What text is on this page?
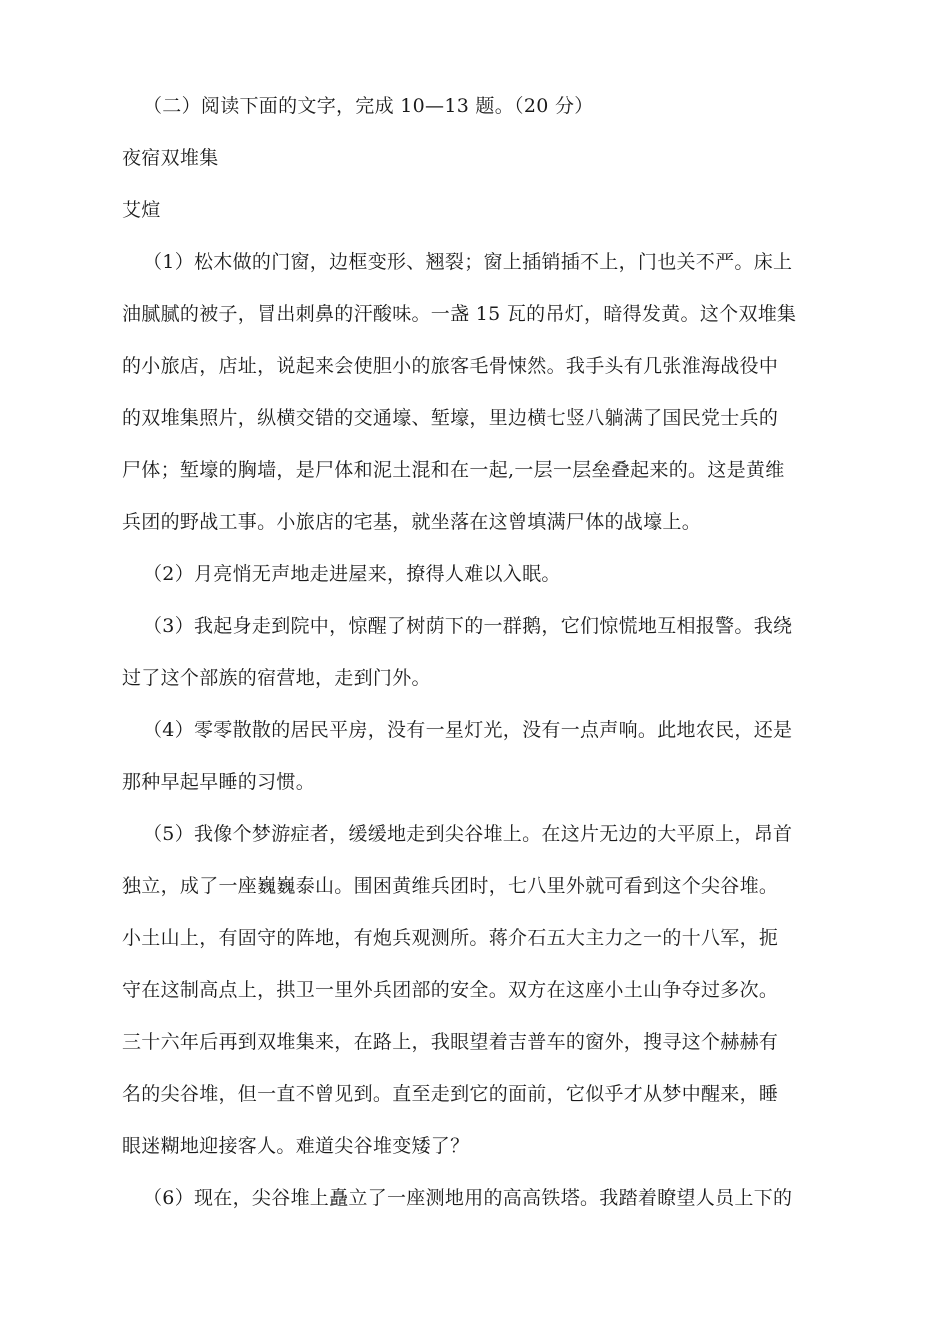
（二）阅读下面的文字，完成 10—13 题。（20 分）
夜宿双堆集
艾煊
（1）松木做的门窗，边框变形、翘裂；窗上插销插不上，门也关不严。床上
油腻腻的被子，冒出刺鼻的汗酸味。一盏 15 瓦的吊灯，暗得发黄。这个双堆集
的小旅店，店址，说起来会使胆小的旅客毛骨悚然。我手头有几张淮海战役中
的双堆集照片，纵横交错的交通壕、堑壕，里边横七竖八躺满了国民党士兵的
尸体；堑壕的胸墙，是尸体和泥土混和在一起,一层一层垒叠起来的。这是黄维
兵团的野战工事。小旅店的宅基，就坐落在这曾填满尸体的战壕上。
（2）月亮悄无声地走进屋来，撩得人难以入眠。
（3）我起身走到院中，惊醒了树荫下的一群鹅，它们惊慌地互相报警。我绕
过了这个部族的宿营地，走到门外。
（4）零零散散的居民平房，没有一星灯光，没有一点声响。此地农民，还是
那种早起早睡的习惯。
（5）我像个梦游症者，缓缓地走到尖谷堆上。在这片无边的大平原上，昂首
独立，成了一座巍巍泰山。围困黄维兵团时，七八里外就可看到这个尖谷堆。
小土山上，有固守的阵地，有炮兵观测所。蒋介石五大主力之一的十八军，扼
守在这制高点上，拱卫一里外兵团部的安全。双方在这座小土山争夺过多次。
三十六年后再到双堆集来，在路上，我眼望着吉普车的窗外，搜寻这个赫赫有
名的尖谷堆，但一直不曾见到。直至走到它的面前，它似乎才从梦中醒来，睡
眼迷糊地迎接客人。难道尖谷堆变矮了？
（6）现在，尖谷堆上矗立了一座测地用的高高铁塔。我踏着瞭望人员上下的
